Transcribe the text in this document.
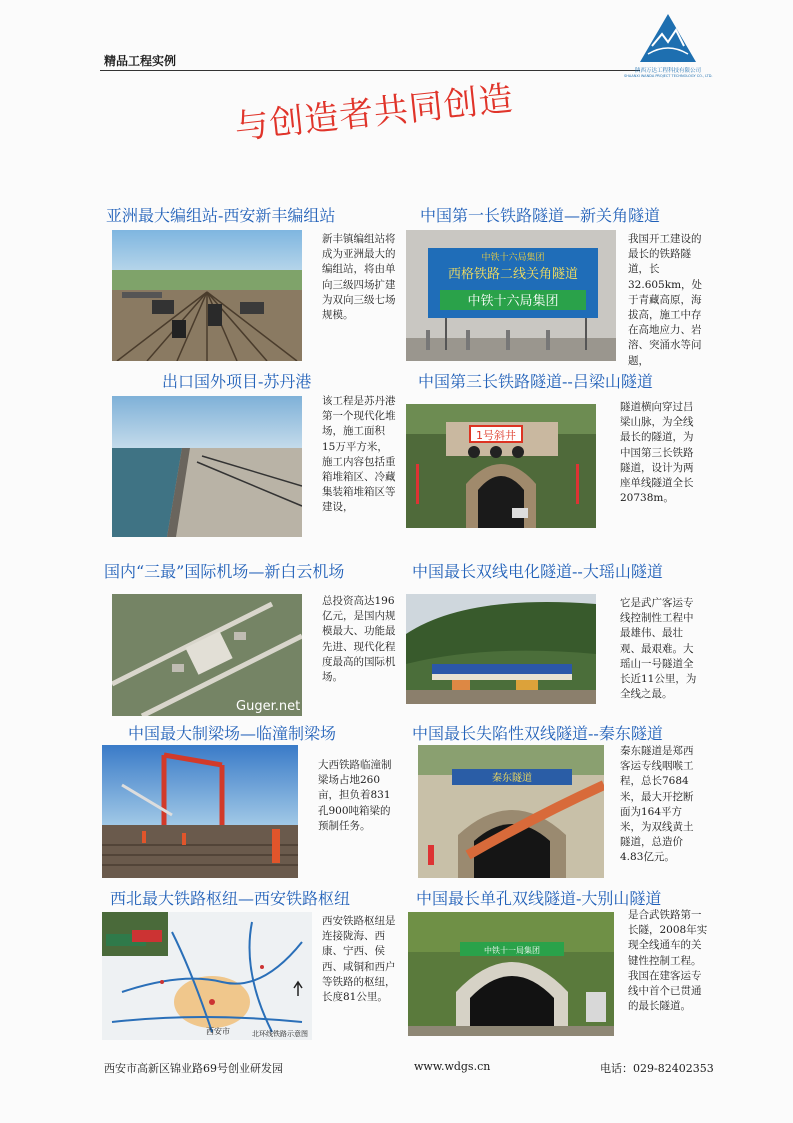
精品工程实例	WANDA
陕西万达工程科技有限公司
SHAANXI WANDA PROJECT TECHNOLOGY CO., LTD.
与创造者共同创造
亚洲最大编组站-西安新丰编组站
新丰镇编组站将成为亚洲最大的编组站，将由单向三级四场扩建为双向三级七场规模。
中国第一长铁路隧道—新关角隧道
中铁十六局集团
西格铁路二线关角隧道
中铁十六局集团
我国开工建设的最长的铁路隧道，长32.605km，处于青藏高原，海拔高，施工中存在高地应力、岩溶、突涌水等问题，
出口国外项目-苏丹港
该工程是苏丹港第一个现代化堆场，施工面积15万平方米，施工内容包括重箱堆箱区、冷藏集装箱堆箱区等建设，
中国第三长铁路隧道--吕梁山隧道
1号斜井
隧道横向穿过吕梁山脉，为全线最长的隧道，为中国第三长铁路隧道，设计为两座单线隧道全长20738m。
国内“三最”国际机场—新白云机场
Guger.net
总投资高达196亿元，是国内规模最大、功能最先进、现代化程度最高的国际机场。
中国最长双线电化隧道--大瑶山隧道
它是武广客运专线控制性工程中最雄伟、最壮观、最艰难。大瑶山一号隧道全长近11公里，为全线之最。
中国最大制梁场—临潼制梁场
大西铁路临潼制梁场占地260亩，担负着831孔900吨箱梁的预制任务。
中国最长失陷性双线隧道--秦东隧道
秦东隧道
秦东隧道是郑西客运专线咽喉工程，总长7684米，最大开挖断面为164平方米，为双线黄土隧道，总造价4.83亿元。
西北最大铁路枢纽—西安铁路枢纽
西安市	北环线铁路示意图
西安铁路枢纽是连接陇海、西康、宁西、侯西、咸铜和西户等铁路的枢纽，长度81公里。
中国最长单孔双线隧道-大别山隧道
中铁十一局集团
是合武铁路第一长隧，2008年实现全线通车的关键性控制工程。我国在建客运专线中首个已贯通的最长隧道。
西安市高新区锦业路69号创业研发园	www.wdgs.cn	电话：029-82402353
